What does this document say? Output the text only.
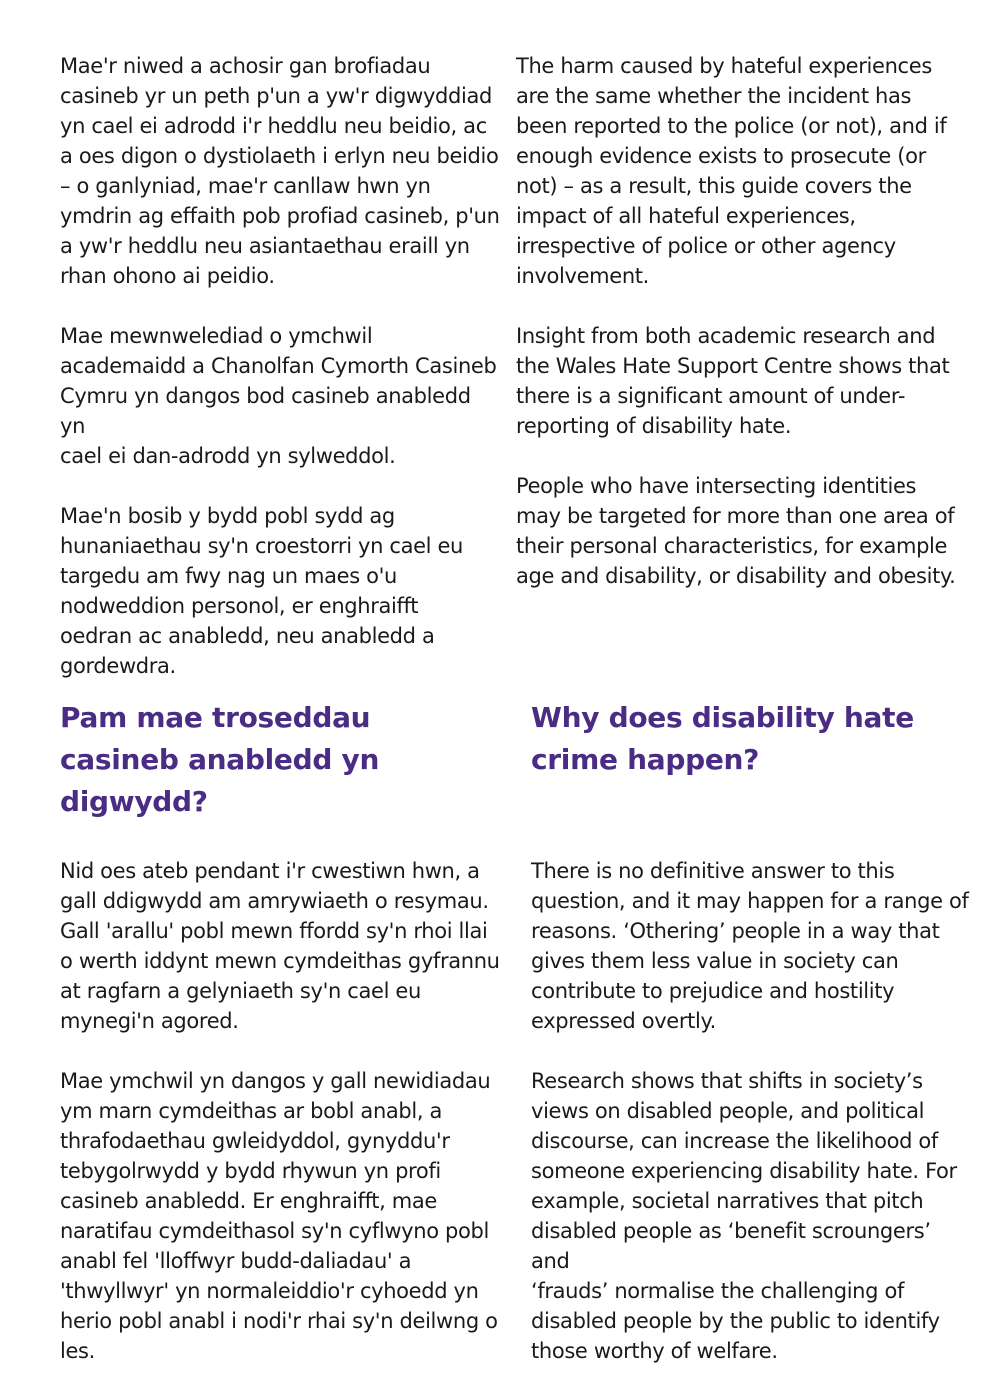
Mae'r niwed a achosir gan brofiadau
casineb yr un peth p'un a yw'r digwyddiad
yn cael ei adrodd i'r heddlu neu beidio, ac
a oes digon o dystiolaeth i erlyn neu beidio
– o ganlyniad, mae'r canllaw hwn yn
ymdrin ag effaith pob profiad casineb, p'un
a yw'r heddlu neu asiantaethau eraill yn
rhan ohono ai peidio.

Mae mewnwelediad o ymchwil
academaidd a Chanolfan Cymorth Casineb
Cymru yn dangos bod casineb anabledd yn
cael ei dan-adrodd yn sylweddol.

Mae'n bosib y bydd pobl sydd ag
hunaniaethau sy'n croestorri yn cael eu
targedu am fwy nag un maes o'u
nodweddion personol, er enghraifft
oedran ac anabledd, neu anabledd a
gordewdra.

The harm caused by hateful experiences
are the same whether the incident has
been reported to the police (or not), and if
enough evidence exists to prosecute (or
not) – as a result, this guide covers the
impact of all hateful experiences,
irrespective of police or other agency
involvement.

Insight from both academic research and
the Wales Hate Support Centre shows that
there is a significant amount of under-
reporting of disability hate.

People who have intersecting identities
may be targeted for more than one area of
their personal characteristics, for example
age and disability, or disability and obesity.

Pam mae troseddau
casineb anabledd yn
digwydd?
Why does disability hate
crime happen?

Nid oes ateb pendant i'r cwestiwn hwn, a
gall ddigwydd am amrywiaeth o resymau.
Gall 'arallu' pobl mewn ffordd sy'n rhoi llai
o werth iddynt mewn cymdeithas gyfrannu
at ragfarn a gelyniaeth sy'n cael eu
mynegi'n agored.

Mae ymchwil yn dangos y gall newidiadau
ym marn cymdeithas ar bobl anabl, a
thrafodaethau gwleidyddol, gynyddu'r
tebygolrwydd y bydd rhywun yn profi
casineb anabledd. Er enghraifft, mae
naratifau cymdeithasol sy'n cyflwyno pobl
anabl fel 'lloffwyr budd-daliadau' a
'thwyllwyr' yn normaleiddio'r cyhoedd yn
herio pobl anabl i nodi'r rhai sy'n deilwng o
les.

There is no definitive answer to this
question, and it may happen for a range of
reasons. ‘Othering’ people in a way that
gives them less value in society can
contribute to prejudice and hostility
expressed overtly.

Research shows that shifts in society’s
views on disabled people, and political
discourse, can increase the likelihood of
someone experiencing disability hate. For
example, societal narratives that pitch
disabled people as ‘benefit scroungers’ and
‘frauds’ normalise the challenging of
disabled people by the public to identify
those worthy of welfare.
